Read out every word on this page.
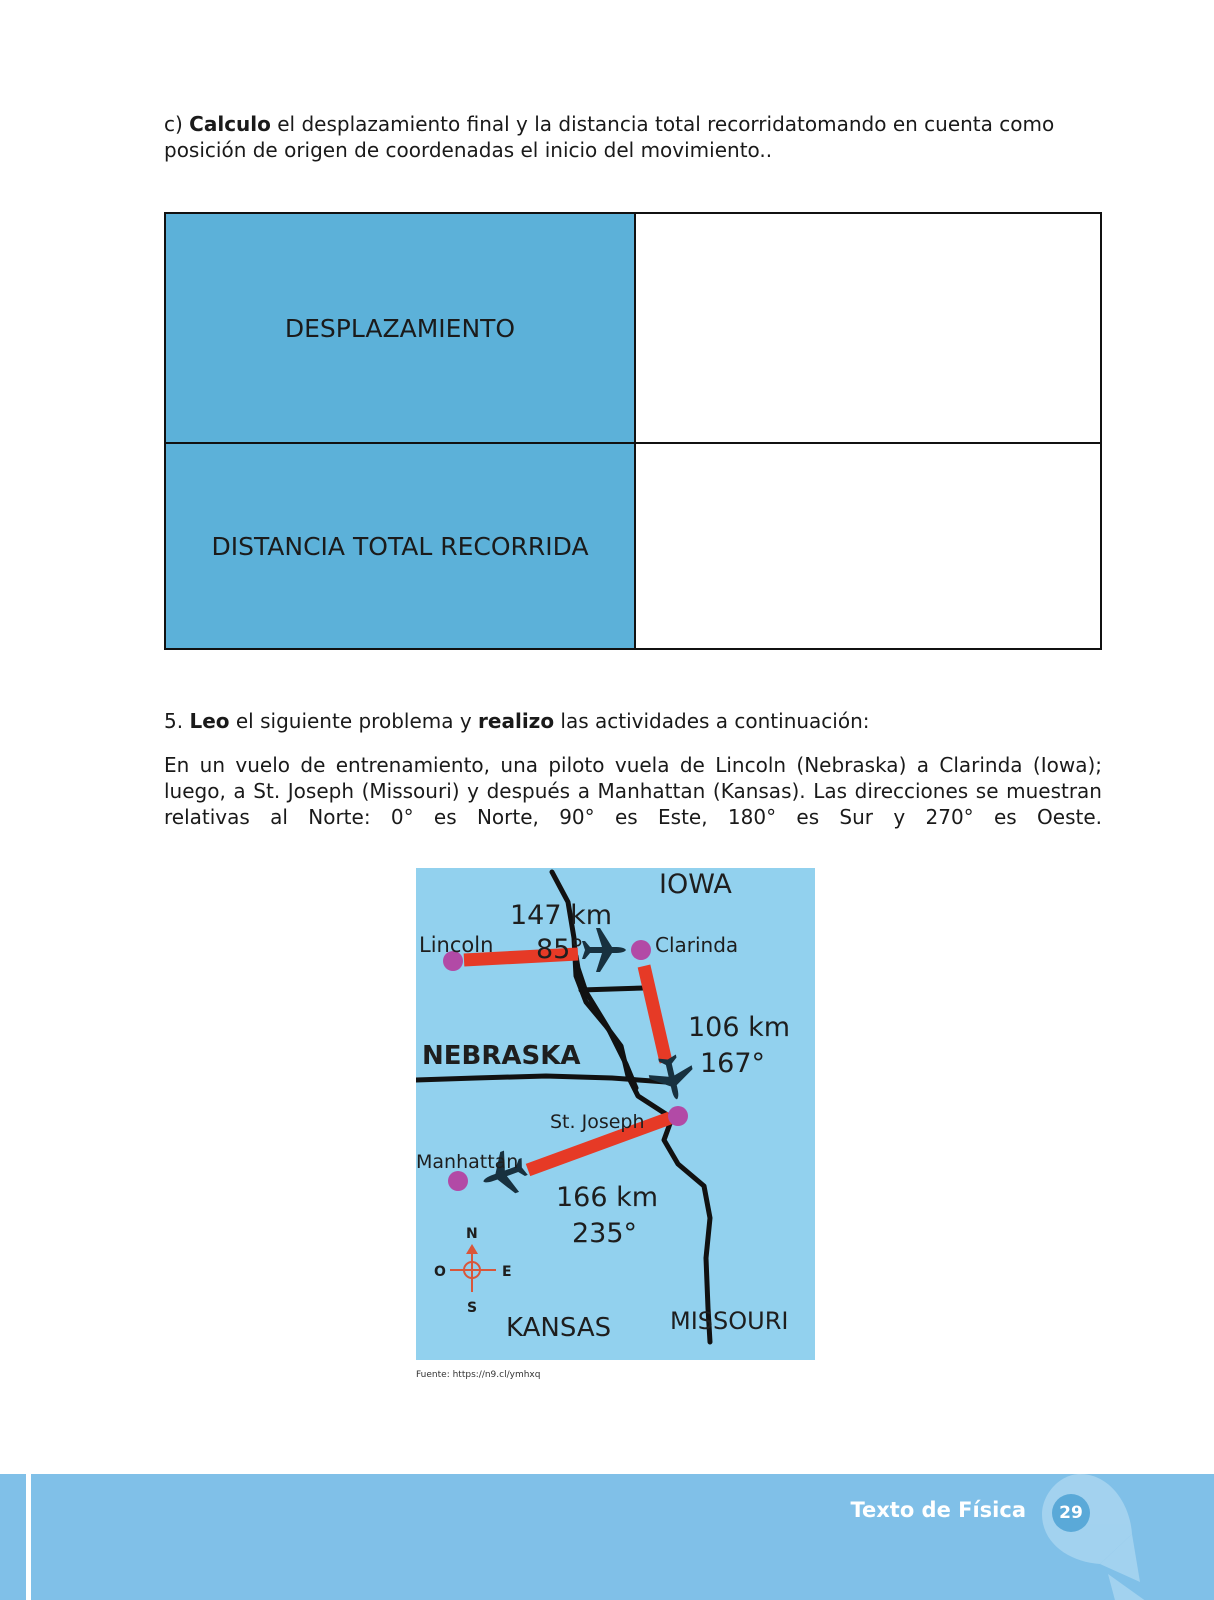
c) Calculo el desplazamiento final y la distancia total recorridatomando en cuenta como posición de origen de coordenadas el inicio del movimiento..
DESPLAZAMIENTO	
DISTANCIA TOTAL RECORRIDA	
5. Leo el siguiente problema y realizo las actividades a continuación:
En un vuelo de entrenamiento, una piloto vuela de Lincoln (Nebraska) a Clarinda (Iowa); luego, a St. Joseph (Missouri) y después a Manhattan (Kansas). Las direcciones se muestran relativas al Norte: 0° es Norte, 90° es Este, 180° es Sur y 270° es Oeste.
IOWA
NEBRASKA
KANSAS MISSOURI
Lincoln	Clarinda
St. Joseph
Manhattan
147 km
85°
106 km
167°
166 km
235°
N
S
E
O
Fuente: https://n9.cl/ymhxq
Texto de Física	29
